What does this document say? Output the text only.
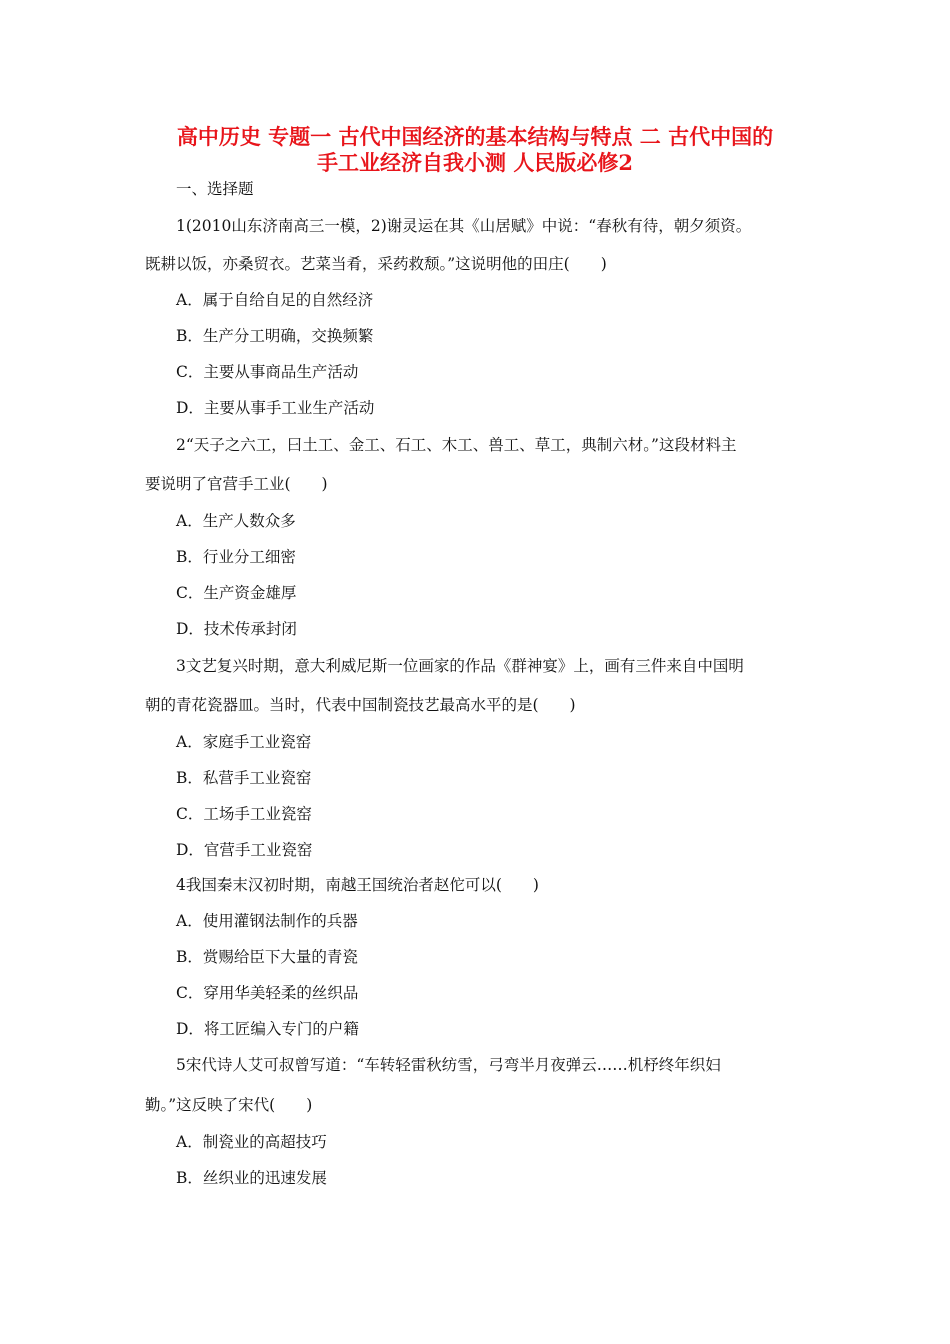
高中历史 专题一 古代中国经济的基本结构与特点 二 古代中国的
手工业经济自我小测 人民版必修2
一、选择题
1(2010山东济南高三一模，2)谢灵运在其《山居赋》中说：“春秋有待，朝夕须资。
既耕以饭，亦桑贸衣。艺菜当肴，采药救颓。”这说明他的田庄(　　)
A．属于自给自足的自然经济
B．生产分工明确，交换频繁
C．主要从事商品生产活动
D．主要从事手工业生产活动
2“天子之六工，曰土工、金工、石工、木工、兽工、草工，典制六材。”这段材料主
要说明了官营手工业(　　)
A．生产人数众多
B．行业分工细密
C．生产资金雄厚
D．技术传承封闭
3文艺复兴时期，意大利威尼斯一位画家的作品《群神宴》上，画有三件来自中国明
朝的青花瓷器皿。当时，代表中国制瓷技艺最高水平的是(　　)
A．家庭手工业瓷窑
B．私营手工业瓷窑
C．工场手工业瓷窑
D．官营手工业瓷窑
4我国秦末汉初时期，南越王国统治者赵佗可以(　　)
A．使用灌钢法制作的兵器
B．赏赐给臣下大量的青瓷
C．穿用华美轻柔的丝织品
D．将工匠编入专门的户籍
5宋代诗人艾可叔曾写道：“车转轻雷秋纺雪，弓弯半月夜弹云……机杼终年织妇
勤。”这反映了宋代(　　)
A．制瓷业的高超技巧
B．丝织业的迅速发展
